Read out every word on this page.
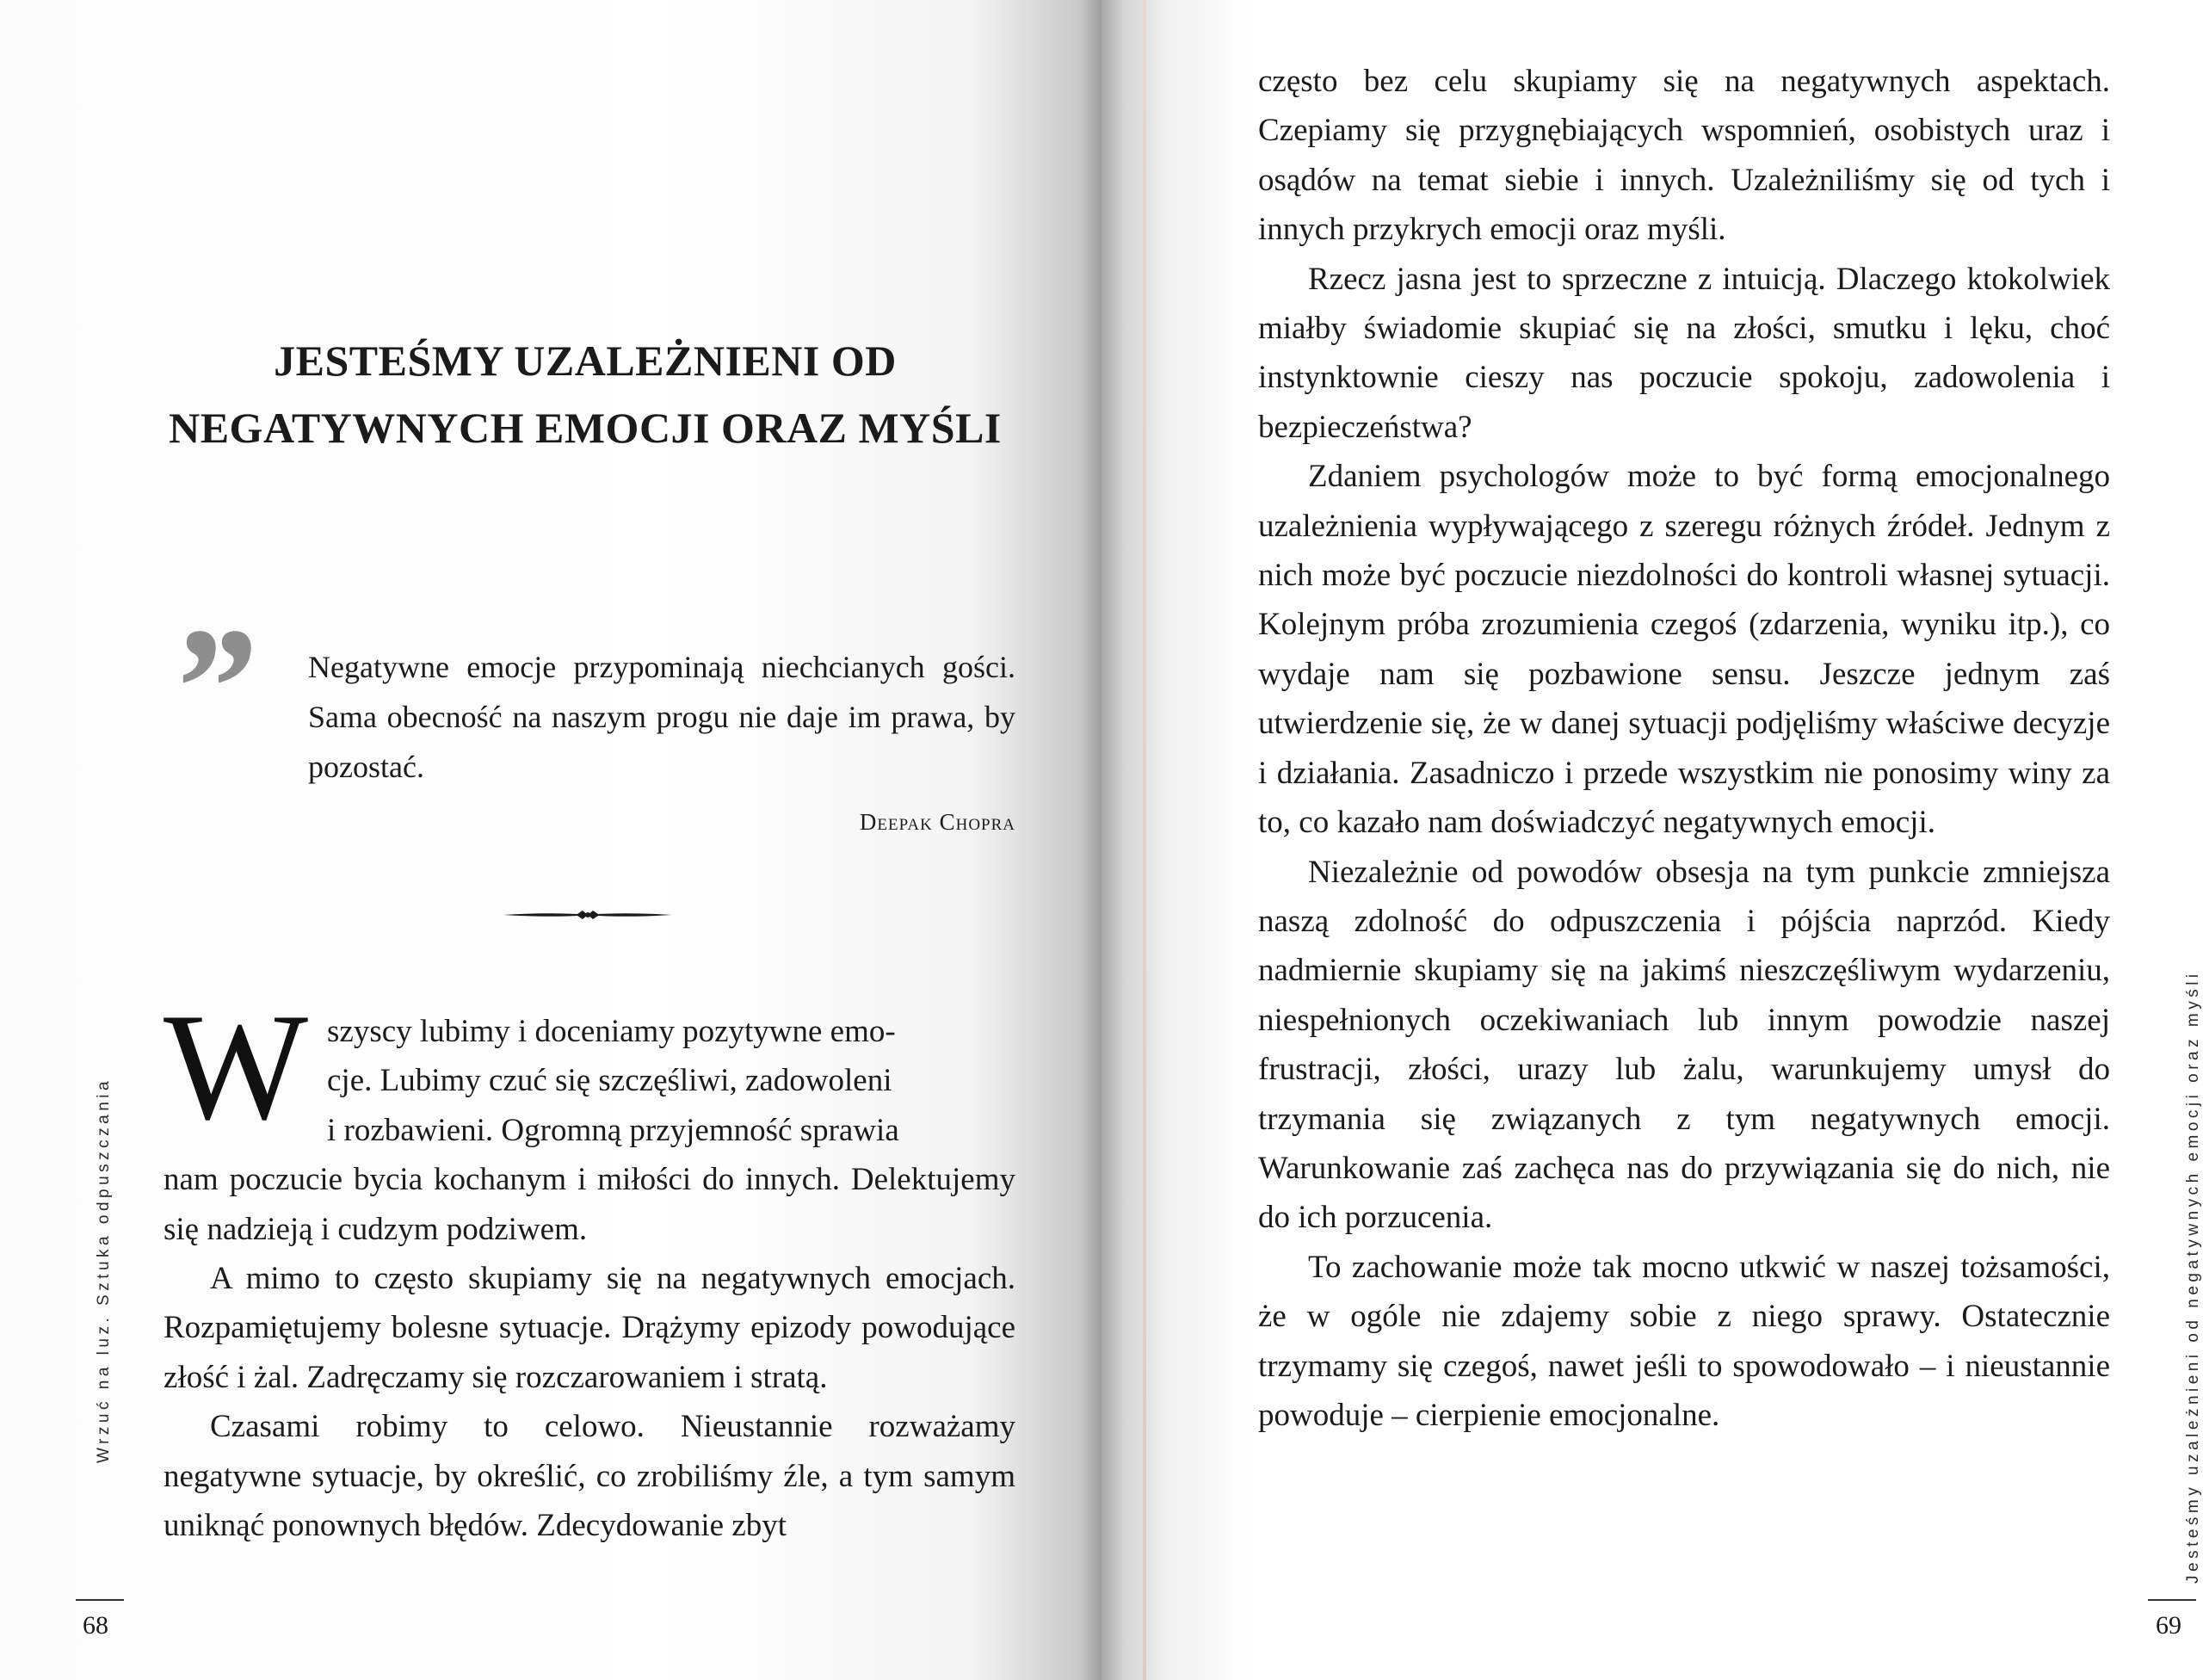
JESTEŚMY UZALEŻNIENI OD
NEGATYWNYCH EMOCJI ORAZ MYŚLI
”	Negatywne emocje przypominają niechcianych gości. Sama obecność na naszym progu nie daje im prawa, by pozostać.

Deepak Chopra

W szyscy lubimy i doceniamy pozytywne emo-
cje. Lubimy czuć się szczęśliwi, zadowoleni
i rozbawieni. Ogromną przyjemność sprawia

nam poczucie bycia kochanym i miłości do innych. Delektujemy się nadzieją i cudzym podziwem.

A mimo to często skupiamy się na negatywnych emocjach. Rozpamiętujemy bolesne sytuacje. Drążymy epizody powodujące złość i żal. Zadręczamy się rozczarowaniem i stratą.

Czasami robimy to celowo. Nieustannie rozważamy negatywne sytuacje, by określić, co zrobiliśmy źle, a tym samym uniknąć ponownych błędów. Zdecydowanie zbyt

Wrzuć na luz. Sztuka odpuszczania
68

często bez celu skupiamy się na negatywnych aspektach. Czepiamy się przygnębiających wspomnień, osobistych uraz i osądów na temat siebie i innych. Uzależniliśmy się od tych i innych przykrych emocji oraz myśli.

Rzecz jasna jest to sprzeczne z intuicją. Dlaczego ktokolwiek miałby świadomie skupiać się na złości, smutku i lęku, choć instynktownie cieszy nas poczucie spokoju, zadowolenia i bezpieczeństwa?

Zdaniem psychologów może to być formą emocjonalnego uzależnienia wypływającego z szeregu różnych źródeł. Jednym z nich może być poczucie niezdolności do kontroli własnej sytuacji. Kolejnym próba zrozumienia czegoś (zdarzenia, wyniku itp.), co wydaje nam się pozbawione sensu. Jeszcze jednym zaś utwierdzenie się, że w danej sytuacji podjęliśmy właściwe decyzje i działania. Zasadniczo i przede wszystkim nie ponosimy winy za to, co kazało nam doświadczyć negatywnych emocji.

Niezależnie od powodów obsesja na tym punkcie zmniejsza naszą zdolność do odpuszczenia i pójścia naprzód. Kiedy nadmiernie skupiamy się na jakimś nieszczęśliwym wydarzeniu, niespełnionych oczekiwaniach lub innym powodzie naszej frustracji, złości, urazy lub żalu, warunkujemy umysł do trzymania się związanych z tym negatywnych emocji. Warunkowanie zaś zachęca nas do przywiązania się do nich, nie do ich porzucenia.

To zachowanie może tak mocno utkwić w naszej tożsamości, że w ogóle nie zdajemy sobie z niego sprawy. Ostatecznie trzymamy się czegoś, nawet jeśli to spowodowało – i nieustannie powoduje – cierpienie emocjonalne.	Jesteśmy uzależnieni od negatywnych emocji oraz myśli
69
